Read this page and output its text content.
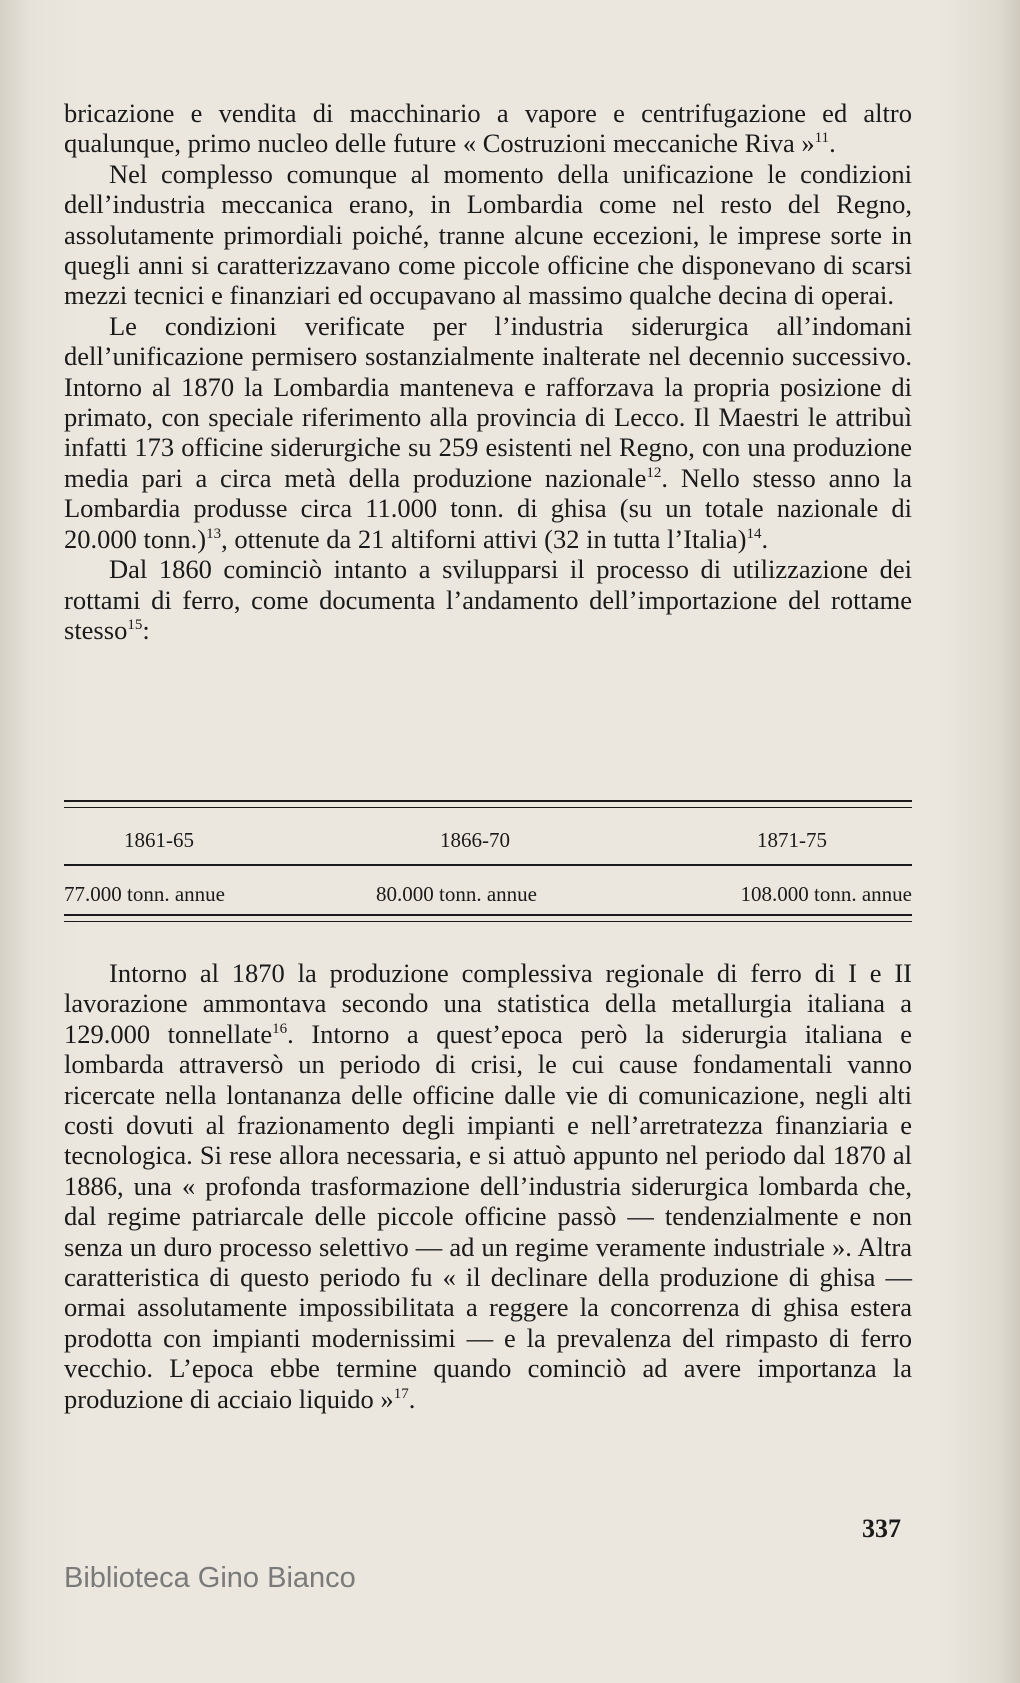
bricazione e vendita di macchinario a vapore e centrifugazione ed altro qualunque, primo nucleo delle future « Costruzioni meccaniche Riva »$^{11}$.

Nel complesso comunque al momento della unificazione le condizioni dell’industria meccanica erano, in Lombardia come nel resto del Regno, assolutamente primordiali poiché, tranne alcune eccezioni, le imprese sorte in quegli anni si caratterizzavano come piccole officine che disponevano di scarsi mezzi tecnici e finanziari ed occupavano al massimo qualche decina di operai.

Le condizioni verificate per l’industria siderurgica all’indomani dell’unificazione permisero sostanzialmente inalterate nel decennio successivo. Intorno al 1870 la Lombardia manteneva e rafforzava la propria posizione di primato, con speciale riferimento alla provincia di Lecco. Il Maestri le attribuì infatti 173 officine siderurgiche su 259 esistenti nel Regno, con una produzione media pari a circa metà della produzione nazionale$^{12}$. Nello stesso anno la Lombardia produsse circa 11.000 tonn. di ghisa (su un totale nazionale di 20.000 tonn.)$^{13}$, ottenute da 21 altiforni attivi (32 in tutta l’Italia)$^{14}$.

Dal 1860 cominciò intanto a svilupparsi il processo di utilizzazione dei rottami di ferro, come documenta l’andamento dell’importazione del rottame stesso$^{15}$:

1861-65	1866-70	1871-75
77.000 tonn. annue	80.000 tonn. annue	108.000 tonn. annue

Intorno al 1870 la produzione complessiva regionale di ferro di I e II lavorazione ammontava secondo una statistica della metallurgia italiana a 129.000 tonnellate$^{16}$. Intorno a quest’epoca però la siderurgia italiana e lombarda attraversò un periodo di crisi, le cui cause fondamentali vanno ricercate nella lontananza delle officine dalle vie di comunicazione, negli alti costi dovuti al frazionamento degli impianti e nell’arretratezza finanziaria e tecnologica. Si rese allora necessaria, e si attuò appunto nel periodo dal 1870 al 1886, una « profonda trasformazione dell’industria siderurgica lombarda che, dal regime patriarcale delle piccole officine passò — tendenzialmente e non senza un duro processo selettivo — ad un regime veramente industriale ». Altra caratteristica di questo periodo fu « il declinare della produzione di ghisa — ormai assolutamente impossibilitata a reggere la concorrenza di ghisa estera prodotta con impianti modernissimi — e la prevalenza del rimpasto di ferro vecchio. L’epoca ebbe termine quando cominciò ad avere importanza la produzione di acciaio liquido »$^{17}$.

337
Biblioteca Gino Bianco
